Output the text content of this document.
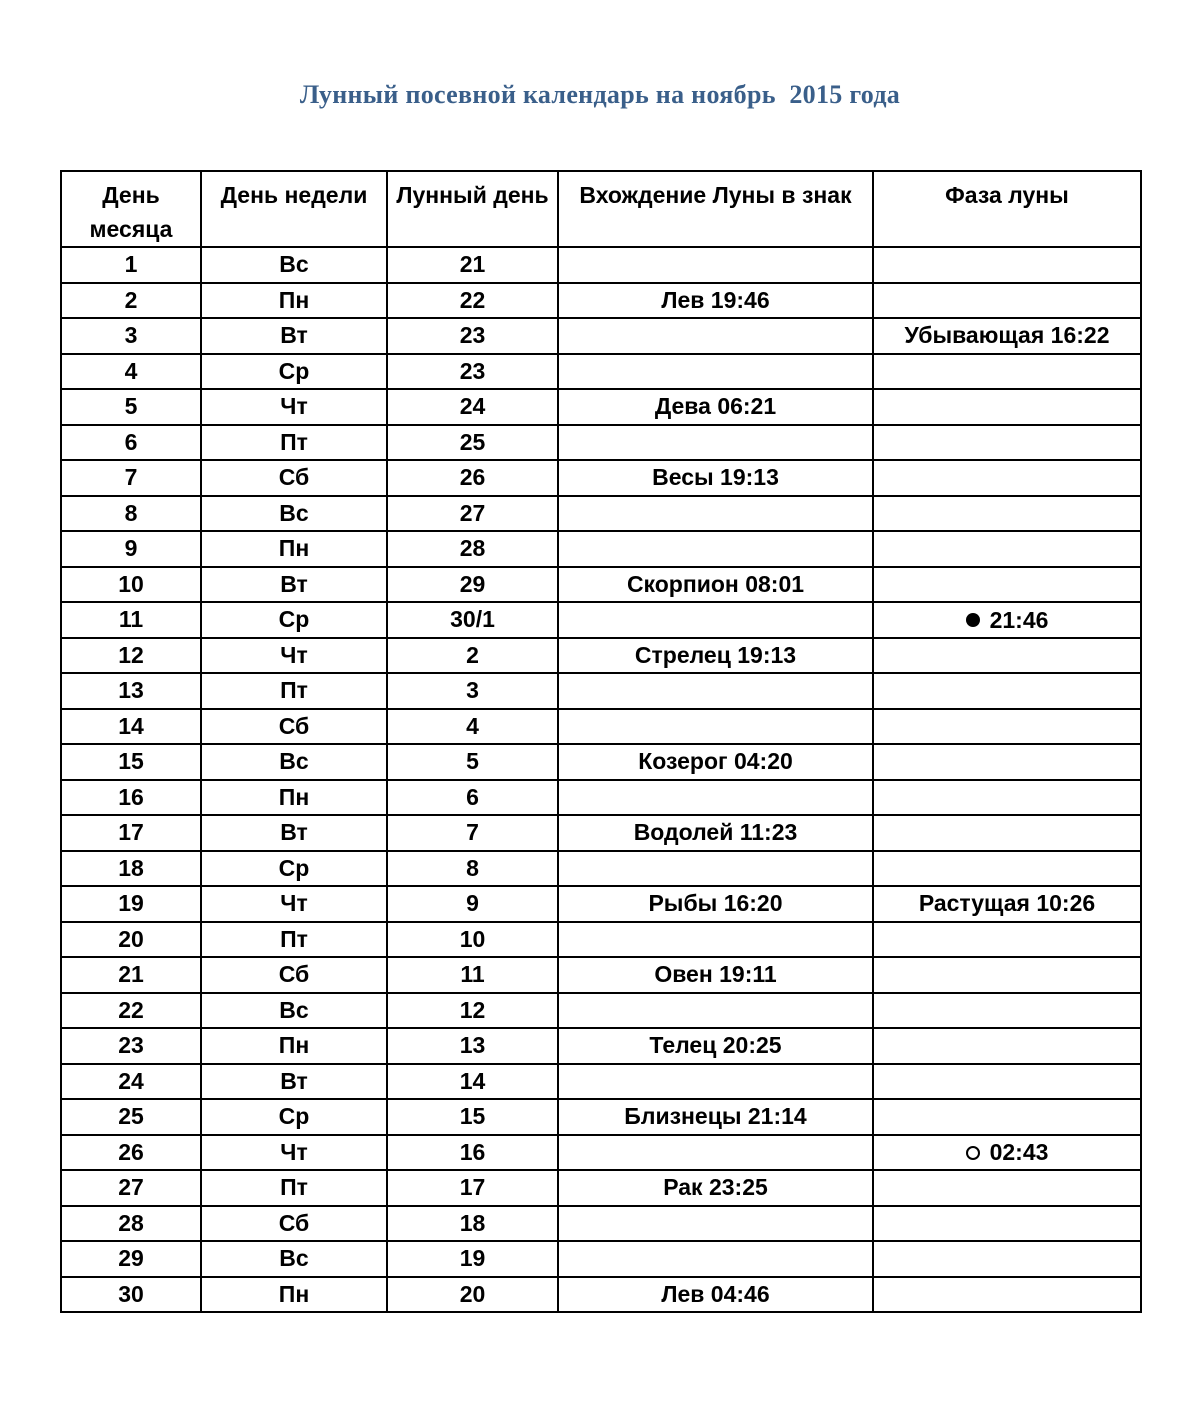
Лунный посевной календарь на ноябрь  2015 года
День месяца	День недели	Лунный день	Вхождение Луны в знак	Фаза луны
1	Вс	21		
2	Пн	22	Лев 19:46	
3	Вт	23		Убывающая 16:22
4	Ср	23		
5	Чт	24	Дева 06:21	
6	Пт	25		
7	Сб	26	Весы 19:13	
8	Вс	27		
9	Пн	28		
10	Вт	29	Скорпион 08:01	
11	Ср	30/1		21:46

12	Чт	2	Стрелец 19:13	
13	Пт	3		
14	Сб	4		
15	Вс	5	Козерог 04:20	
16	Пн	6		
17	Вт	7	Водолей 11:23	
18	Ср	8		
19	Чт	9	Рыбы 16:20	Растущая 10:26
20	Пт	10		
21	Сб	11	Овен 19:11	
22	Вс	12		
23	Пн	13	Телец 20:25	
24	Вт	14		
25	Ср	15	Близнецы 21:14	
26	Чт	16		02:43

27	Пт	17	Рак 23:25	
28	Сб	18		
29	Вс	19		
30	Пн	20	Лев 04:46	
